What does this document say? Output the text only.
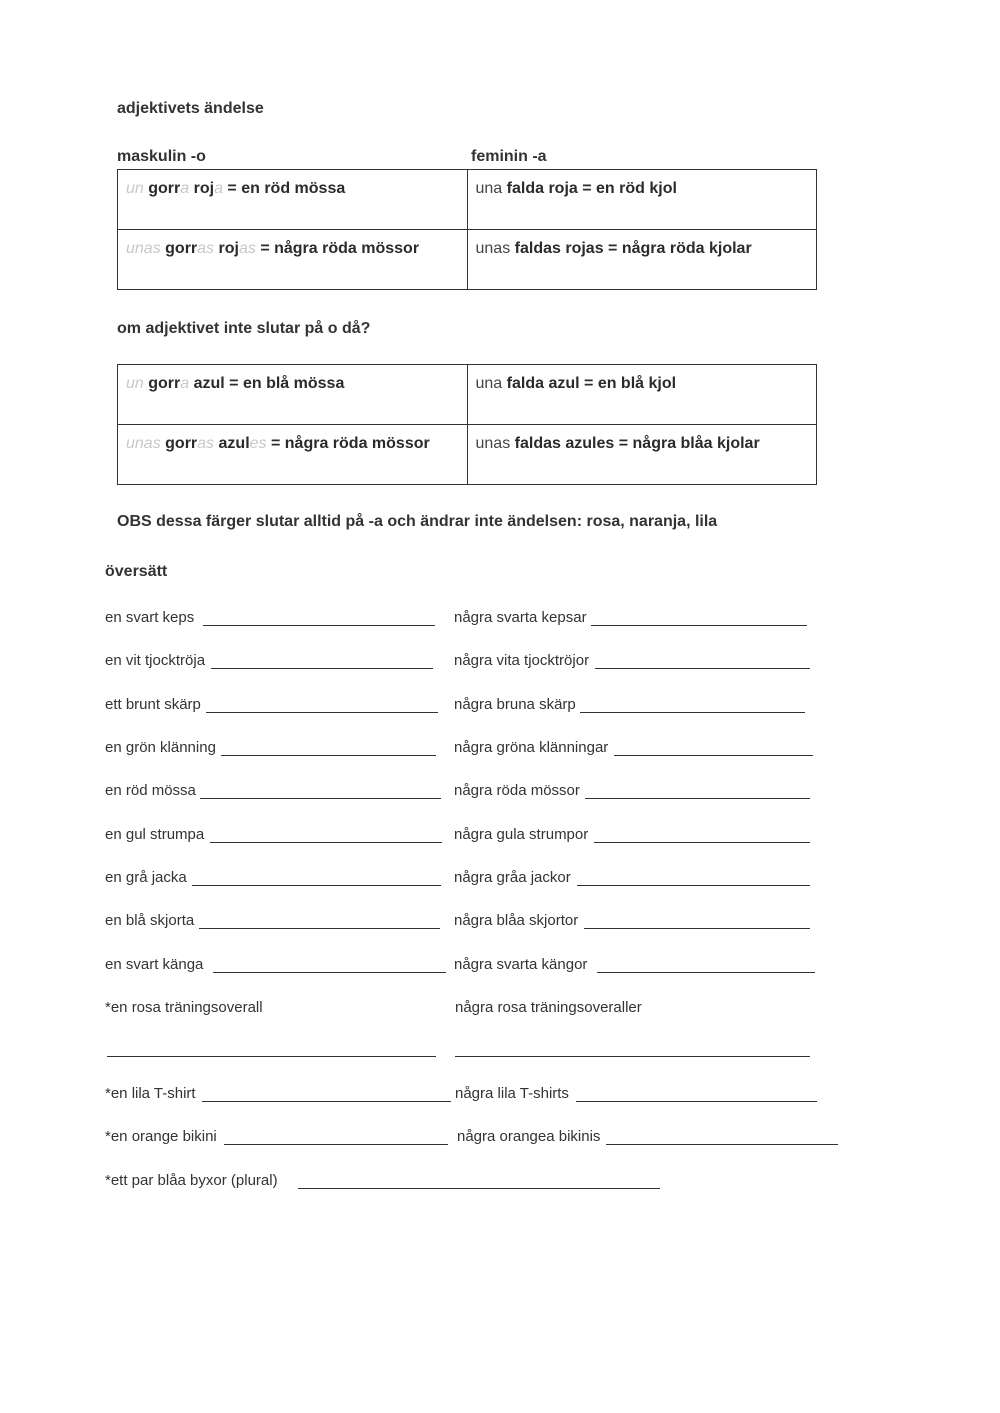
adjektivets ändelse
maskulin -o	feminin -a
un gorra roja = en röd mössa	una falda roja = en röd kjol
unas gorras rojas = några röda mössor	unas faldas rojas = några röda kjolar
om adjektivet inte slutar på o då?
un gorra azul = en blå mössa	una falda azul = en blå kjol
unas gorras azules = några röda mössor	unas faldas azules = några blåa kjolar
OBS dessa färger slutar alltid på -a och ändrar inte ändelsen: rosa, naranja, lila
översätt
en svart keps	några svarta kepsar
en vit tjocktröja	några vita tjocktröjor
ett brunt skärp	några bruna skärp
en grön klänning	några gröna klänningar
en röd mössa	några röda mössor
en gul strumpa	några gula strumpor
en grå jacka	några gråa jackor
en blå skjorta	några blåa skjortor
en svart känga	några svarta kängor
*en rosa träningsoverall	några rosa träningsoveraller
*en lila T-shirt	några lila T-shirts
*en orange bikini	några orangea bikinis
*ett par blåa byxor (plural)
